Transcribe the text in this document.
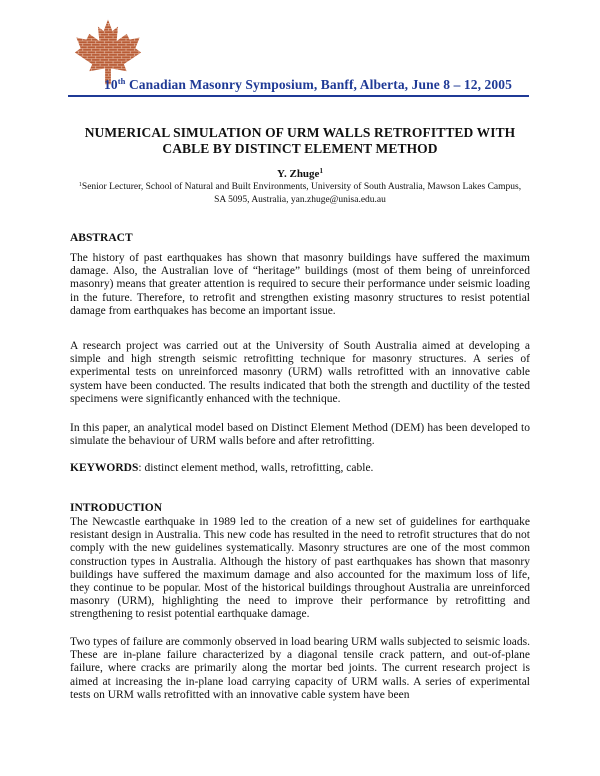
10th Canadian Masonry Symposium, Banff, Alberta, June 8 – 12, 2005
NUMERICAL SIMULATION OF URM WALLS RETROFITTED WITH
CABLE BY DISTINCT ELEMENT METHOD
Y. Zhuge$^1$
$^1$Senior Lecturer, School of Natural and Built Environments, University of South Australia, Mawson Lakes Campus,
SA 5095, Australia, yan.zhuge@unisa.edu.au
ABSTRACT

The history of past earthquakes has shown that masonry buildings have suffered the maximum damage. Also, the Australian love of “heritage” buildings (most of them being of unreinforced masonry) means that greater attention is required to secure their performance under seismic loading in the future. Therefore, to retrofit and strengthen existing masonry structures to resist potential damage from earthquakes has become an important issue.

A research project was carried out at the University of South Australia aimed at developing a simple and high strength seismic retrofitting technique for masonry structures. A series of experimental tests on unreinforced masonry (URM) walls retrofitted with an innovative cable system have been conducted. The results indicated that both the strength and ductility of the tested specimens were significantly enhanced with the technique.

In this paper, an analytical model based on Distinct Element Method (DEM) has been developed to simulate the behaviour of URM walls before and after retrofitting.

KEYWORDS: distinct element method, walls, retrofitting, cable.

INTRODUCTION

The Newcastle earthquake in 1989 led to the creation of a new set of guidelines for earthquake resistant design in Australia. This new code has resulted in the need to retrofit structures that do not comply with the new guidelines systematically. Masonry structures are one of the most common construction types in Australia. Although the history of past earthquakes has shown that masonry buildings have suffered the maximum damage and also accounted for the maximum loss of life, they continue to be popular. Most of the historical buildings throughout Australia are unreinforced masonry (URM), highlighting the need to improve their performance by retrofitting and strengthening to resist potential earthquake damage.

Two types of failure are commonly observed in load bearing URM walls subjected to seismic loads. These are in-plane failure characterized by a diagonal tensile crack pattern, and out-of-plane failure, where cracks are primarily along the mortar bed joints. The current research project is aimed at increasing the in-plane load carrying capacity of URM walls. A series of experimental tests on URM walls retrofitted with an innovative cable system have been
